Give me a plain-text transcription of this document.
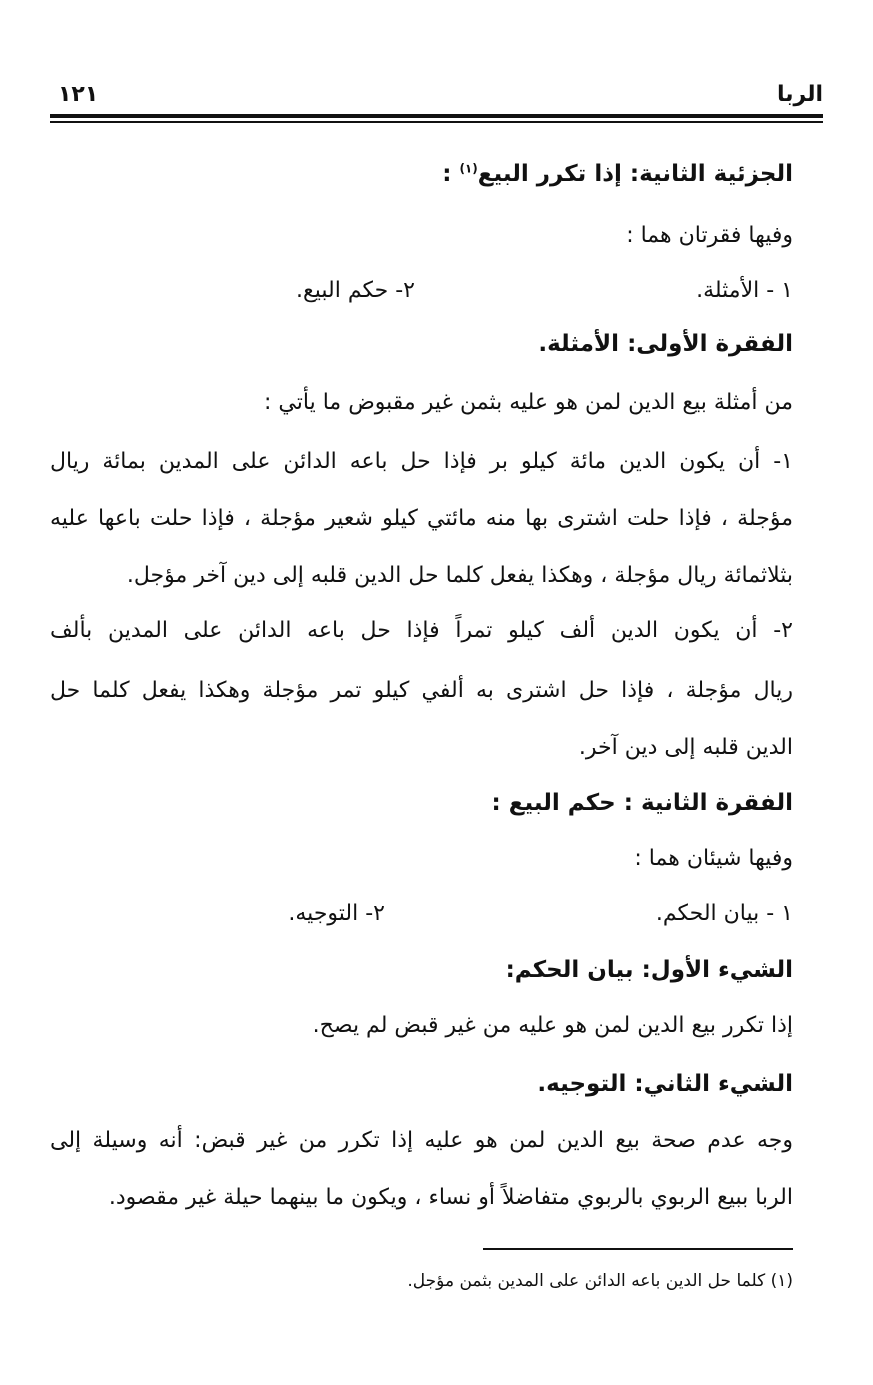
الربا
١٢١
الجزئية الثانية: إذا تكرر البيع$^{(١)}$ :
وفيها فقرتان هما :
١ - الأمثلة.
٢- حكم البيع.
الفقرة الأولى: الأمثلة.
من أمثلة بيع الدين لمن هو عليه بثمن غير مقبوض ما يأتي :
١- أن يكون الدين مائة كيلو بر فإذا حل باعه الدائن على المدين بمائة ريال
مؤجلة ، فإذا حلت اشترى بها منه مائتي كيلو شعير مؤجلة ، فإذا حلت باعها عليه
بثلاثمائة ريال مؤجلة ، وهكذا يفعل كلما حل الدين قلبه إلى دين آخر مؤجل.
٢- أن يكون الدين ألف كيلو تمراً فإذا حل باعه الدائن على المدين بألف
ريال مؤجلة ، فإذا حل اشترى به ألفي كيلو تمر مؤجلة وهكذا يفعل كلما حل
الدين قلبه إلى دين آخر.
الفقرة الثانية : حكم البيع :
وفيها شيئان هما :
١ - بيان الحكم.
٢- التوجيه.
الشيء الأول: بيان الحكم:
إذا تكرر بيع الدين لمن هو عليه من غير قبض لم يصح.
الشيء الثاني: التوجيه.
وجه عدم صحة بيع الدين لمن هو عليه إذا تكرر من غير قبض: أنه وسيلة إلى
الربا ببيع الربوي بالربوي متفاضلاً أو نساء ، ويكون ما بينهما حيلة غير مقصود.
(١) كلما حل الدين باعه الدائن على المدين بثمن مؤجل.
